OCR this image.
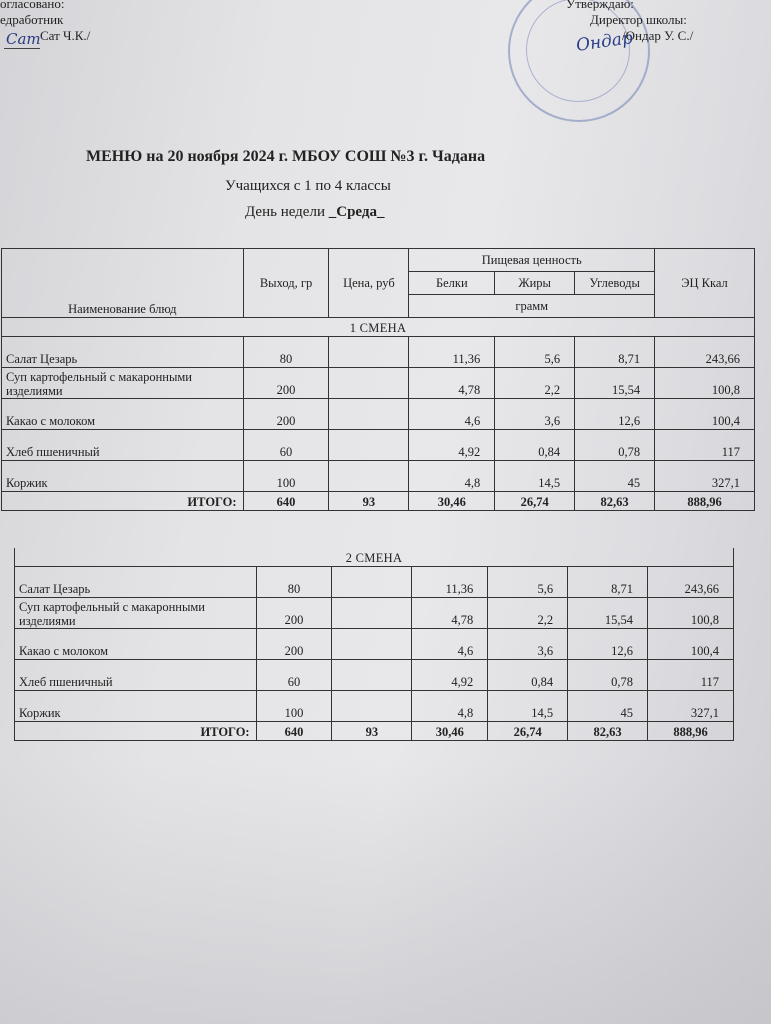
огласовано:
едработник
Сат Ч.К./
Сат	Ондар
Утверждаю:
Директор школы:
/Ондар У. С./
МЕНЮ на 20 ноября 2024 г. МБОУ СОШ №3 г. Чадана
Учащихся с 1 по 4 классы
День недели _Среда_
Наименование блюд	Выход, гр	Цена, руб	Пищевая ценность			ЭЦ Ккал
			Белки	Жиры	Углеводы	
			грамм			
1 СМЕНА						
Салат Цезарь	80		11,36	5,6	8,71	243,66
Суп картофельный с макаронными изделиями	200		4,78	2,2	15,54	100,8
Какао с молоком	200		4,6	3,6	12,6	100,4
Хлеб пшеничный	60		4,92	0,84	0,78	117
Коржик	100		4,8	14,5	45	327,1
ИТОГО:	640	93	30,46	26,74	82,63	888,96
2 СМЕНА						
Салат Цезарь	80		11,36	5,6	8,71	243,66
Суп картофельный с макаронными изделиями	200		4,78	2,2	15,54	100,8
Какао с молоком	200		4,6	3,6	12,6	100,4
Хлеб пшеничный	60		4,92	0,84	0,78	117
Коржик	100		4,8	14,5	45	327,1
ИТОГО:	640	93	30,46	26,74	82,63	888,96
